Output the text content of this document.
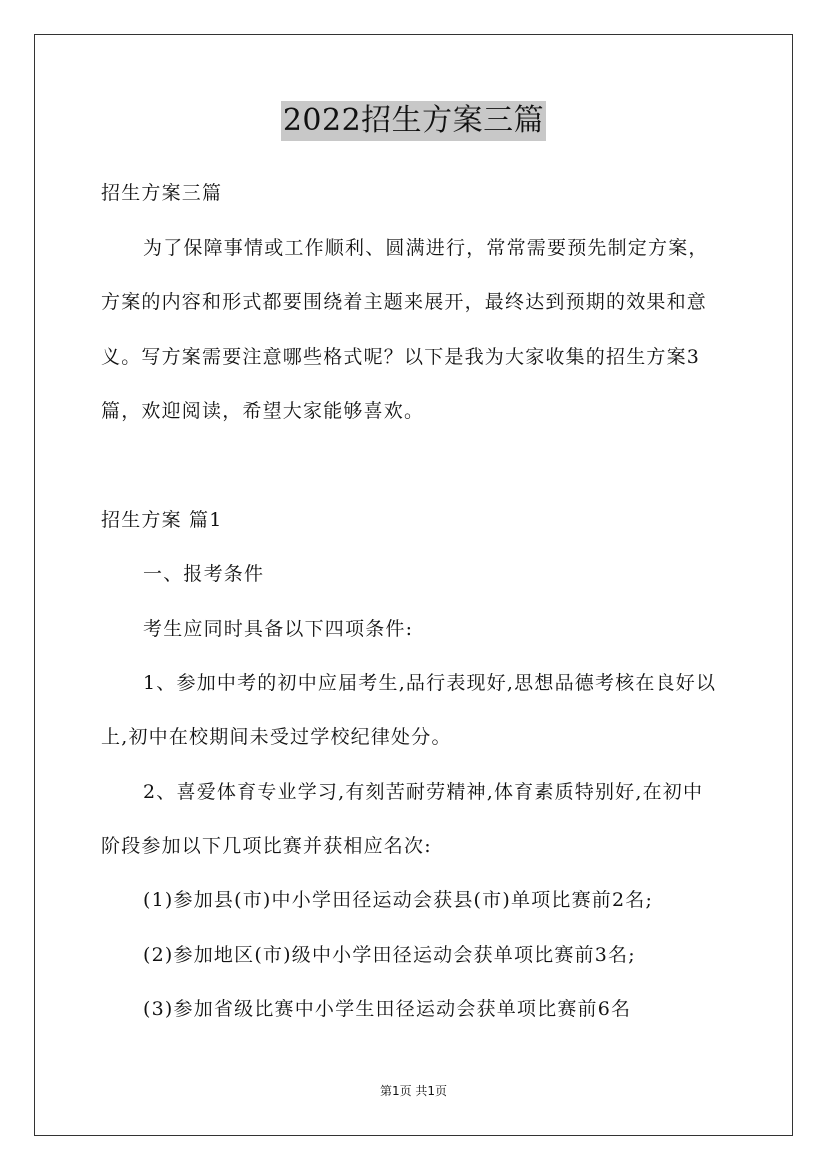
2022招生方案三篇
招生方案三篇
为了保障事情或工作顺利、圆满进行，常常需要预先制定方案，
方案的内容和形式都要围绕着主题来展开，最终达到预期的效果和意
义。写方案需要注意哪些格式呢？以下是我为大家收集的招生方案3
篇，欢迎阅读，希望大家能够喜欢。
招生方案 篇1
一、报考条件
考生应同时具备以下四项条件:
1、参加中考的初中应届考生,品行表现好,思想品德考核在良好以
上,初中在校期间未受过学校纪律处分。
2、喜爱体育专业学习,有刻苦耐劳精神,体育素质特别好,在初中
阶段参加以下几项比赛并获相应名次:
(1)参加县(市)中小学田径运动会获县(市)单项比赛前2名;
(2)参加地区(市)级中小学田径运动会获单项比赛前3名;
(3)参加省级比赛中小学生田径运动会获单项比赛前6名
第1页 共1页
